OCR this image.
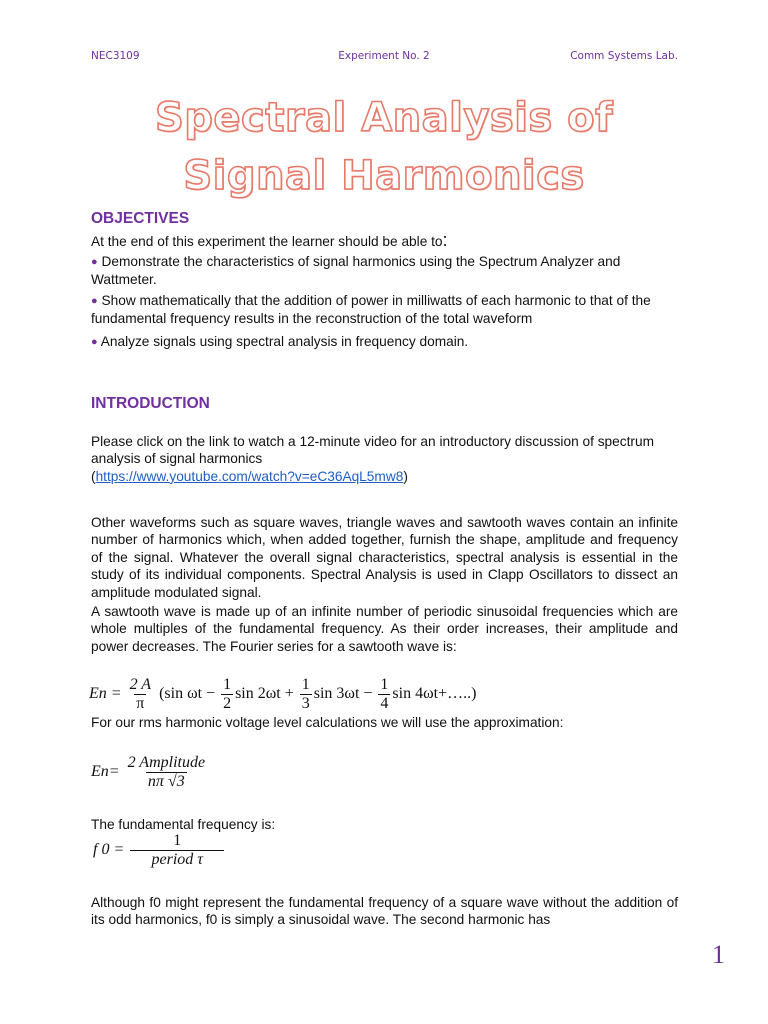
NEC3109	Experiment No. 2	Comm Systems Lab.
Spectral Analysis of
Signal Harmonics
OBJECTIVES
At the end of this experiment the learner should be able to:
● Demonstrate the characteristics of signal harmonics using the Spectrum Analyzer and Wattmeter.
● Show mathematically that the addition of power in milliwatts of each harmonic to that of the fundamental frequency results in the reconstruction of the total waveform
● Analyze signals using spectral analysis in frequency domain.
INTRODUCTION
Please click on the link to watch a 12-minute video for an introductory discussion of spectrum analysis of signal harmonics
(https://www.youtube.com/watch?v=eC36AqL5mw8)
Other waveforms such as square waves, triangle waves and sawtooth waves contain an infinite number of harmonics which, when added together, furnish the shape, amplitude and frequency of the signal. Whatever the overall signal characteristics, spectral analysis is essential in the study of its individual components. Spectral Analysis is used in Clapp Oscillators to dissect an amplitude modulated signal.
A sawtooth wave is made up of an infinite number of periodic sinusoidal frequencies which are whole multiples of the fundamental frequency. As their order increases, their amplitude and power decreases. The Fourier series for a sawtooth wave is:
$En = \frac{2 A}{\pi} (\sin$ $\omega t - \frac{1}{2}$ $\sin 2\omega t + \frac{1}{3}$ $\sin 3\omega t - \frac{1}{4}$ sin 4ωt+…..)
For our rms harmonic voltage level calculations we will use the approximation:
$En= \frac{\text{2 Amplitude}}{n\pi √3}$
The fundamental frequency is:
f $0 = \frac{1}{\text{period τ}}$
Although f0 might represent the fundamental frequency of a square wave without the addition of its odd harmonics, f0 is simply a sinusoidal wave. The second harmonic has
1
